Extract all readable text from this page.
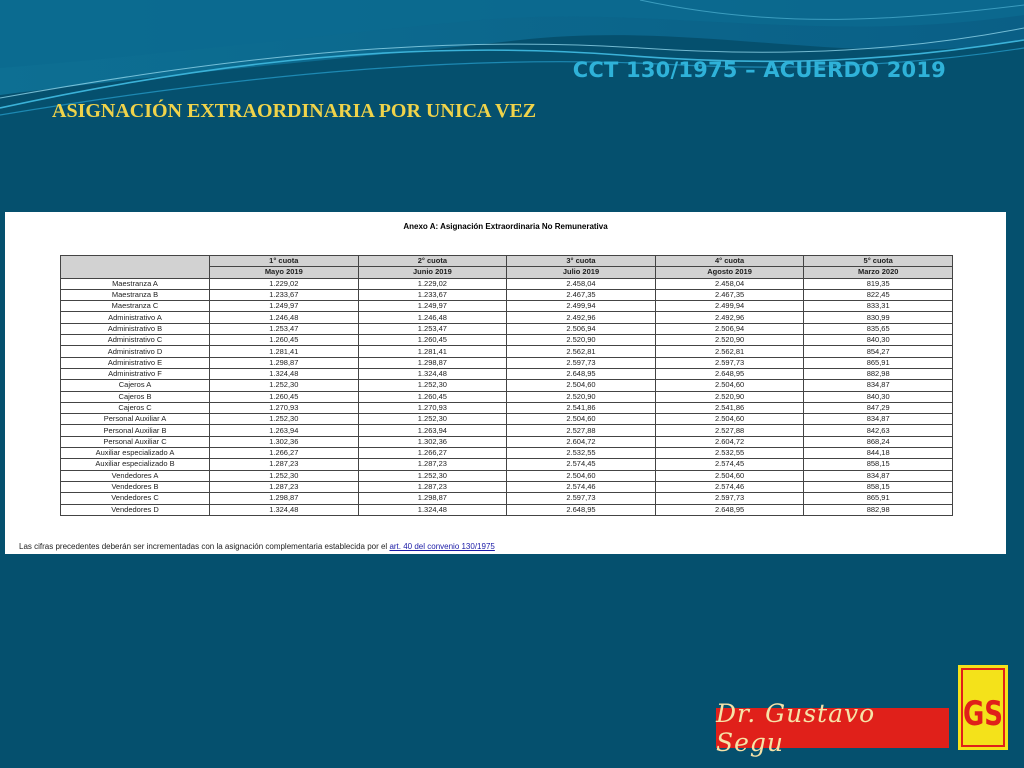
CCT 130/1975 – ACUERDO 2019
ASIGNACIÓN EXTRAORDINARIA POR UNICA VEZ
Anexo A: Asignación Extraordinaria No Remunerativa
	1° cuota	2° cuota	3° cuota	4° cuota	5° cuota
	Mayo 2019	Junio 2019	Julio 2019	Agosto 2019	Marzo 2020
Maestranza A	1.229,02	1.229,02	2.458,04	2.458,04	819,35
Maestranza B	1.233,67	1.233,67	2.467,35	2.467,35	822,45
Maestranza C	1.249,97	1.249,97	2.499,94	2.499,94	833,31
Administrativo A	1.246,48	1.246,48	2.492,96	2.492,96	830,99
Administrativo B	1.253,47	1.253,47	2.506,94	2.506,94	835,65
Administrativo C	1.260,45	1.260,45	2.520,90	2.520,90	840,30
Administrativo D	1.281,41	1.281,41	2.562,81	2.562,81	854,27
Administrativo E	1.298,87	1.298,87	2.597,73	2.597,73	865,91
Administrativo F	1.324,48	1.324,48	2.648,95	2.648,95	882,98
Cajeros A	1.252,30	1.252,30	2.504,60	2.504,60	834,87
Cajeros B	1.260,45	1.260,45	2.520,90	2.520,90	840,30
Cajeros C	1.270,93	1.270,93	2.541,86	2.541,86	847,29
Personal Auxiliar A	1.252,30	1.252,30	2.504,60	2.504,60	834,87
Personal Auxiliar B	1.263,94	1.263,94	2.527,88	2.527,88	842,63
Personal Auxiliar C	1.302,36	1.302,36	2.604,72	2.604,72	868,24
Auxiliar especializado A	1.266,27	1.266,27	2.532,55	2.532,55	844,18
Auxiliar especializado B	1.287,23	1.287,23	2.574,45	2.574,45	858,15
Vendedores A	1.252,30	1.252,30	2.504,60	2.504,60	834,87
Vendedores B	1.287,23	1.287,23	2.574,46	2.574,46	858,15
Vendedores C	1.298,87	1.298,87	2.597,73	2.597,73	865,91
Vendedores D	1.324,48	1.324,48	2.648,95	2.648,95	882,98
Las cifras precedentes deberán ser incrementadas con la asignación complementaria establecida por el art. 40 del convenio 130/1975
Dr. Gustavo Segu
GS
